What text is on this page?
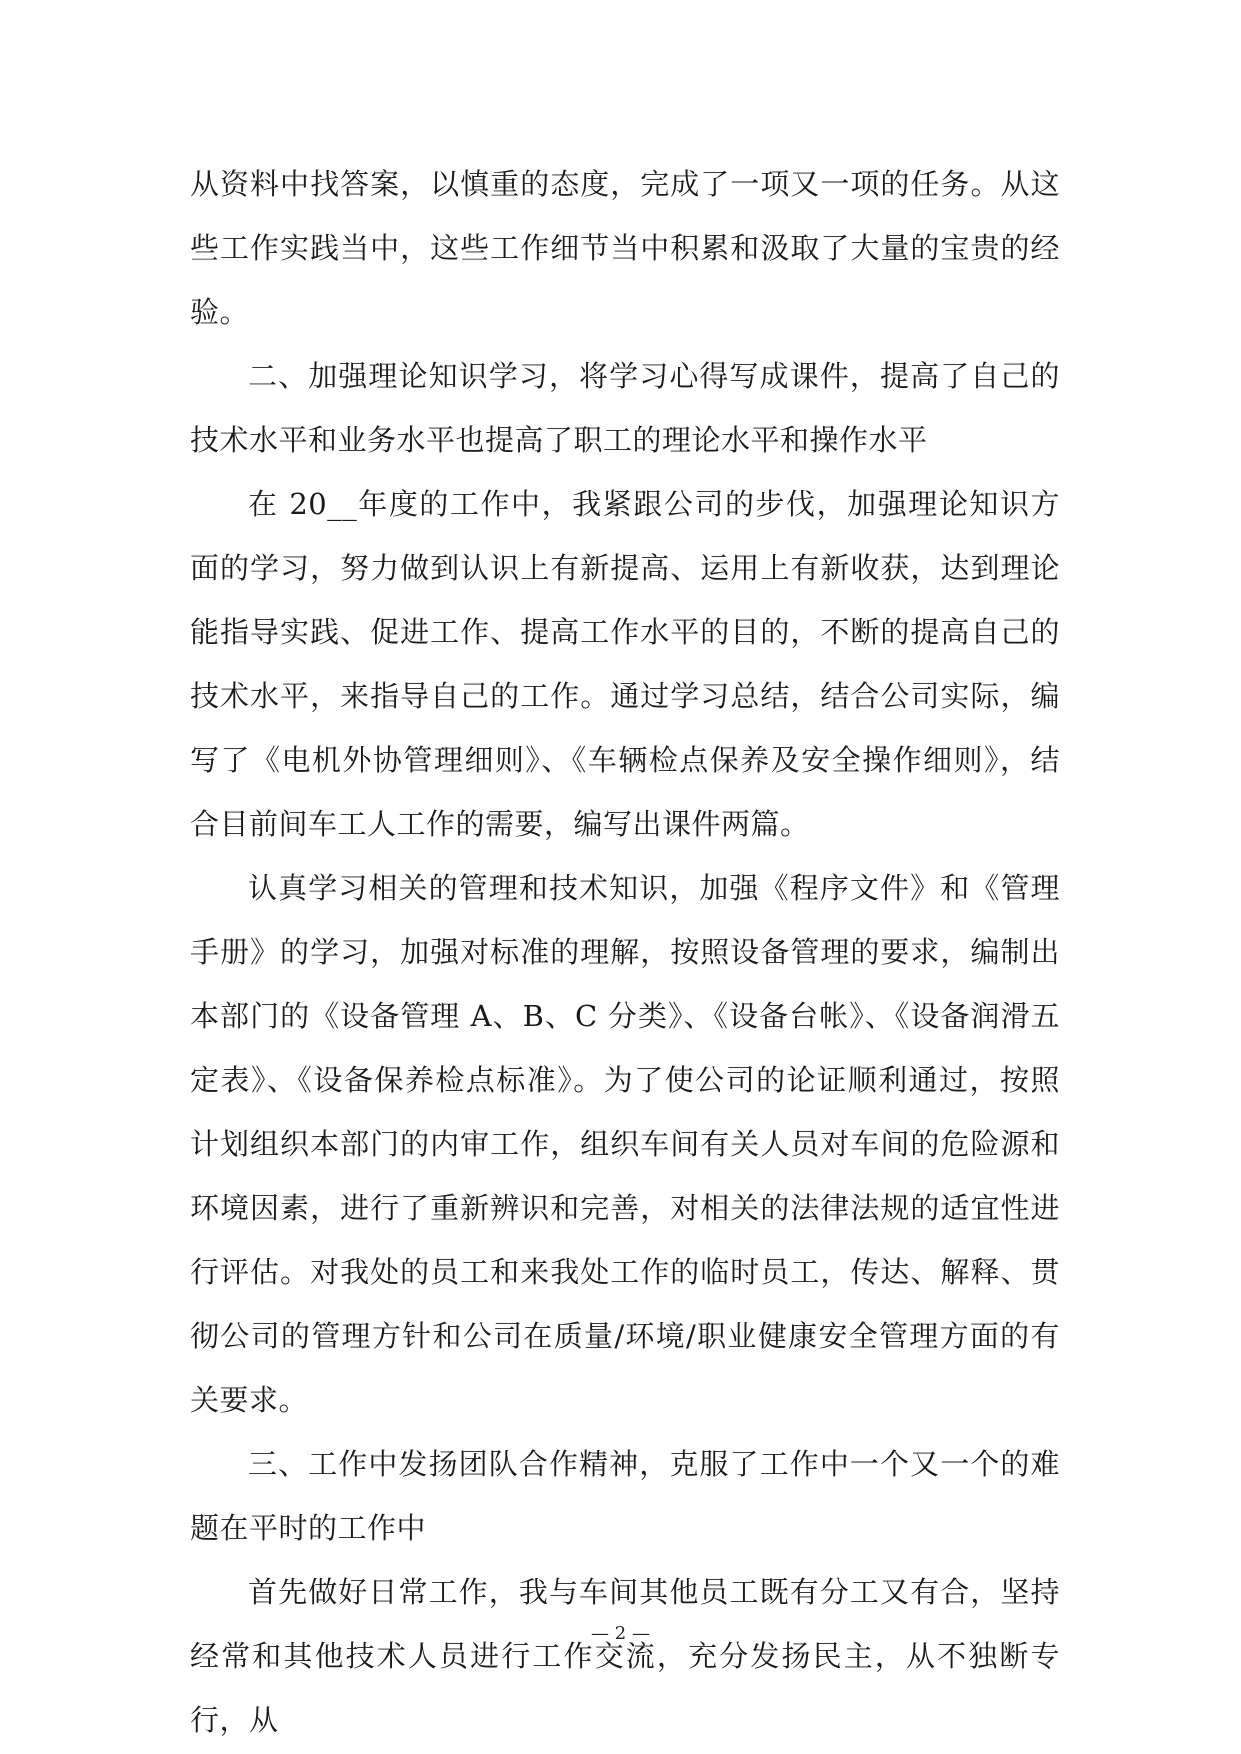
从资料中找答案，以慎重的态度，完成了一项又一项的任务。从这些工作实践当中，这些工作细节当中积累和汲取了大量的宝贵的经验。

二、加强理论知识学习，将学习心得写成课件，提高了自己的技术水平和业务水平也提高了职工的理论水平和操作水平

在 20__年度的工作中，我紧跟公司的步伐，加强理论知识方面的学习，努力做到认识上有新提高、运用上有新收获，达到理论能指导实践、促进工作、提高工作水平的目的，不断的提高自己的技术水平，来指导自己的工作。通过学习总结，结合公司实际，编写了《电机外协管理细则》、《车辆检点保养及安全操作细则》，结合目前间车工人工作的需要，编写出课件两篇。

认真学习相关的管理和技术知识，加强《程序文件》和《管理手册》的学习，加强对标准的理解，按照设备管理的要求，编制出本部门的《设备管理 A、B、C 分类》、《设备台帐》、《设备润滑五定表》、《设备保养检点标准》。为了使公司的论证顺利通过，按照计划组织本部门的内审工作，组织车间有关人员对车间的危险源和环境因素，进行了重新辨识和完善，对相关的法律法规的适宜性进行评估。对我处的员工和来我处工作的临时员工，传达、解释、贯彻公司的管理方针和公司在质量/环境/职业健康安全管理方面的有关要求。

三、工作中发扬团队合作精神，克服了工作中一个又一个的难题在平时的工作中

首先做好日常工作，我与车间其他员工既有分工又有合，坚持经常和其他技术人员进行工作交流，充分发扬民主，从不独断专行，从

— 2 —
